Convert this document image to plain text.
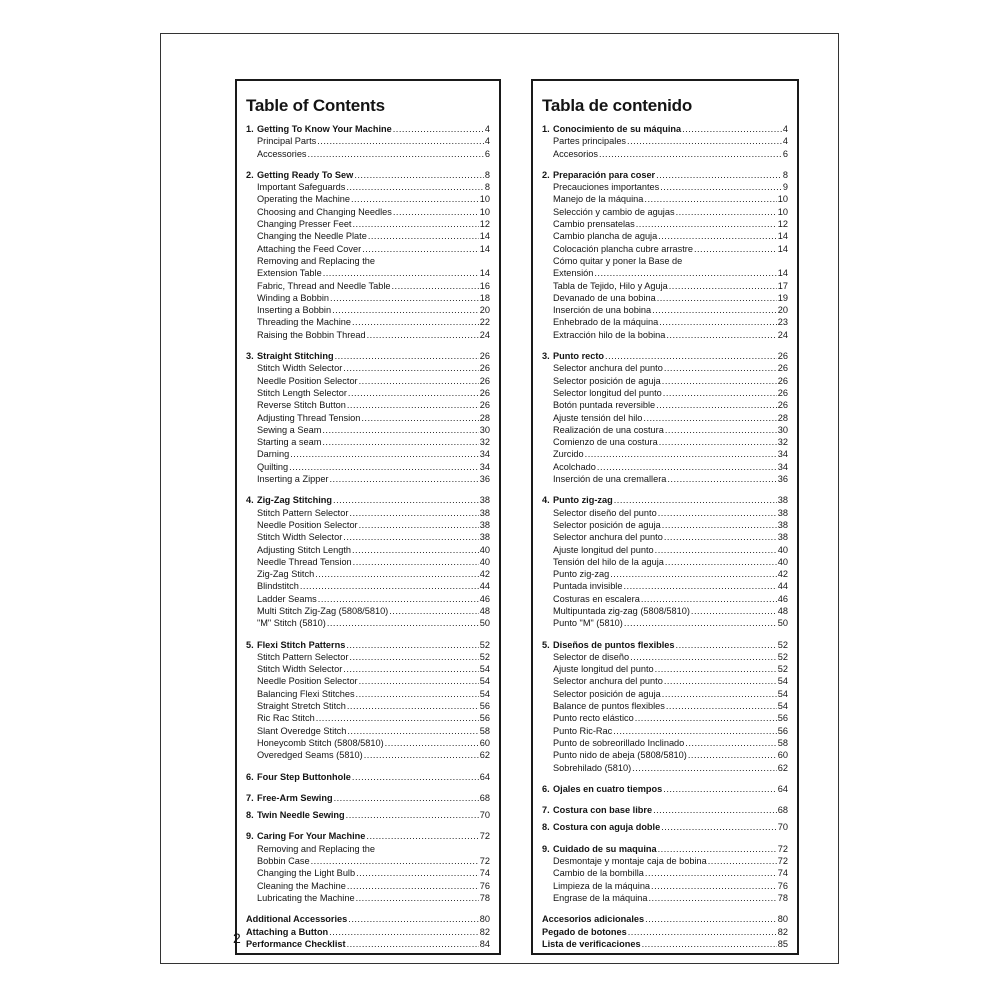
Table of Contents
1. Getting To Know Your Machine .....	4
Principal Parts .....	4
Accessories .....	6
2. Getting Ready To Sew .....	8
Important Safeguards .....	8
Operating the Machine .....	10
Choosing and Changing Needles .....	10
Changing Presser Feet .....	12
Changing the Needle Plate .....	14
Attaching the Feed Cover .....	14
Removing and Replacing the
Extension Table .....	14
Fabric, Thread and Needle Table .....	16
Winding a Bobbin .....	18
Inserting a Bobbin .....	20
Threading the Machine .....	22
Raising the Bobbin Thread .....	24
3. Straight Stitching .....	26
Stitch Width Selector .....	26
Needle Position Selector .....	26
Stitch Length Selector .....	26
Reverse Stitch Button .....	26
Adjusting Thread Tension .....	28
Sewing a Seam .....	30
Starting a seam .....	32
Darning .....	34
Quilting .....	34
Inserting a Zipper .....	36
4. Zig-Zag Stitching .....	38
Stitch Pattern Selector .....	38
Needle Position Selector .....	38
Stitch Width Selector .....	38
Adjusting Stitch Length .....	40
Needle Thread Tension .....	40
Zig-Zag Stitch .....	42
Blindstitch .....	44
Ladder Seams .....	46
Multi Stitch Zig-Zag (5808/5810) .....	48
"M" Stitch (5810) .....	50
5. Flexi Stitch Patterns .....	52
Stitch Pattern Selector .....	52
Stitch Width Selector .....	54
Needle Position Selector .....	54
Balancing Flexi Stitches .....	54
Straight Stretch Stitch .....	56
Ric Rac Stitch .....	56
Slant Overedge Stitch .....	58
Honeycomb Stitch (5808/5810) .....	60
Overedged Seams (5810) .....	62
6. Four Step Buttonhole .....	64
7. Free-Arm Sewing .....	68
8. Twin Needle Sewing .....	70
9. Caring For Your Machine .....	72
Removing and Replacing the
Bobbin Case .....	72
Changing the Light Bulb .....	74
Cleaning the Machine .....	76
Lubricating the Machine .....	78
Additional Accessories .....	80
Attaching a Button .....	82
Performance Checklist .....	84
Tabla de contenido
1. Conocimiento de su máquina .....	4
Partes principales .....	4
Accesorios .....	6
2. Preparación para coser .....	8
Precauciones importantes .....	9
Manejo de la máquina .....	10
Selección y cambio de agujas .....	10
Cambio prensatelas .....	12
Cambio plancha de aguja .....	14
Colocación plancha cubre arrastre .....	14
Cómo quitar y poner la Base de
Extensión .....	14
Tabla de Tejido, Hilo y Aguja .....	17
Devanado de una bobina .....	19
Inserción de una bobina .....	20
Enhebrado de la máquina .....	23
Extracción hilo de la bobina .....	24
3. Punto recto .....	26
Selector anchura del punto .....	26
Selector posición de aguja .....	26
Selector longitud del punto .....	26
Botón puntada reversible .....	26
Ajuste tensión del hilo .....	28
Realización de una costura .....	30
Comienzo de una costura .....	32
Zurcido .....	34
Acolchado .....	34
Inserción de una cremallera .....	36
4. Punto zig-zag .....	38
Selector diseño del punto .....	38
Selector posición de aguja .....	38
Selector anchura del punto .....	38
Ajuste longitud del punto .....	40
Tensión del hilo de la aguja .....	40
Punto zig-zag .....	42
Puntada invisible .....	44
Costuras en escalera .....	46
Multipuntada zig-zag (5808/5810) .....	48
Punto "M" (5810) .....	50
5. Diseños de puntos flexibles .....	52
Selector de diseño .....	52
Ajuste longitud del punto .....	52
Selector anchura del punto .....	54
Selector posición de aguja .....	54
Balance de puntos flexibles .....	54
Punto recto elástico .....	56
Punto Ric-Rac .....	56
Punto de sobreorillado Inclinado .....	58
Punto nido de abeja (5808/5810) .....	60
Sobrehilado (5810) .....	62
6. Ojales en cuatro tiempos .....	64
7. Costura con base libre .....	68
8. Costura con aguja doble .....	70
9. Cuidado de su maquina .....	72
Desmontaje y montaje caja de bobina .....	72
Cambio de la bombilla .....	74
Limpieza de la máquina .....	76
Engrase de la máquina .....	78
Accesorios adicionales .....	80
Pegado de botones .....	82
Lista de verificaciones .....	85
2
